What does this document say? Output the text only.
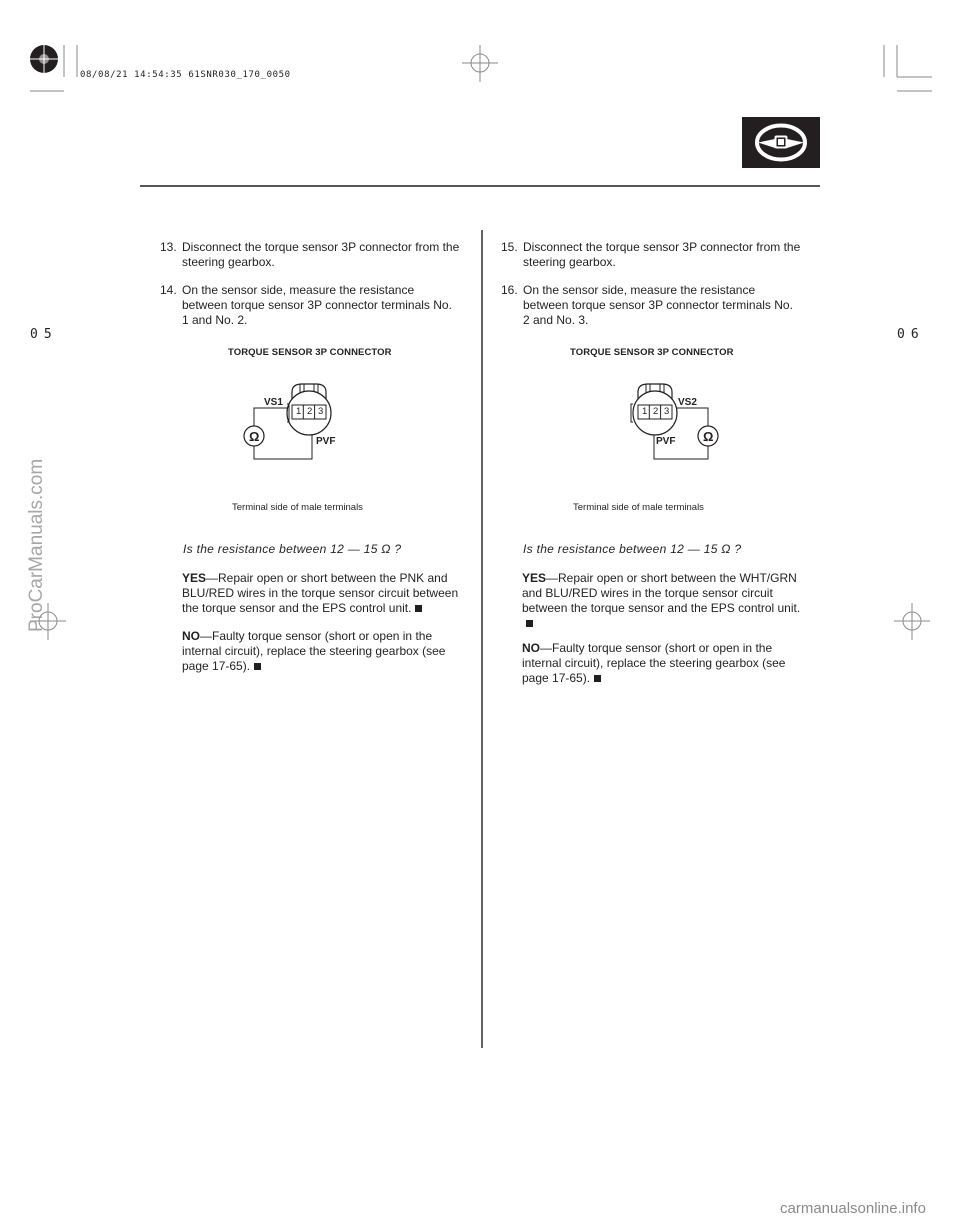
08/08/21 14:54:35 61SNR030_170_0050
05	06
13. Disconnect the torque sensor 3P connector from the steering gearbox.
14. On the sensor side, measure the resistance between torque sensor 3P connector terminals No. 1 and No. 2.
TORQUE SENSOR 3P CONNECTOR
1 2 3
Ω
VS1
PVF
Terminal side of male terminals
Is the resistance between 12 — 15 Ω ?
YES—Repair open or short between the PNK and BLU/RED wires in the torque sensor circuit between the torque sensor and the EPS control unit.
NO—Faulty torque sensor (short or open in the internal circuit), replace the steering gearbox (see page 17-65).
15. Disconnect the torque sensor 3P connector from the steering gearbox.
16. On the sensor side, measure the resistance between torque sensor 3P connector terminals No. 2 and No. 3.
TORQUE SENSOR 3P CONNECTOR
1 2 3
Ω
VS2
PVF
Terminal side of male terminals
Is the resistance between 12 — 15 Ω ?
YES—Repair open or short between the WHT/GRN and BLU/RED wires in the torque sensor circuit between the torque sensor and the EPS control unit.
NO—Faulty torque sensor (short or open in the internal circuit), replace the steering gearbox (see page 17-65).
ProCarManuals.com
carmanualsonline.info
